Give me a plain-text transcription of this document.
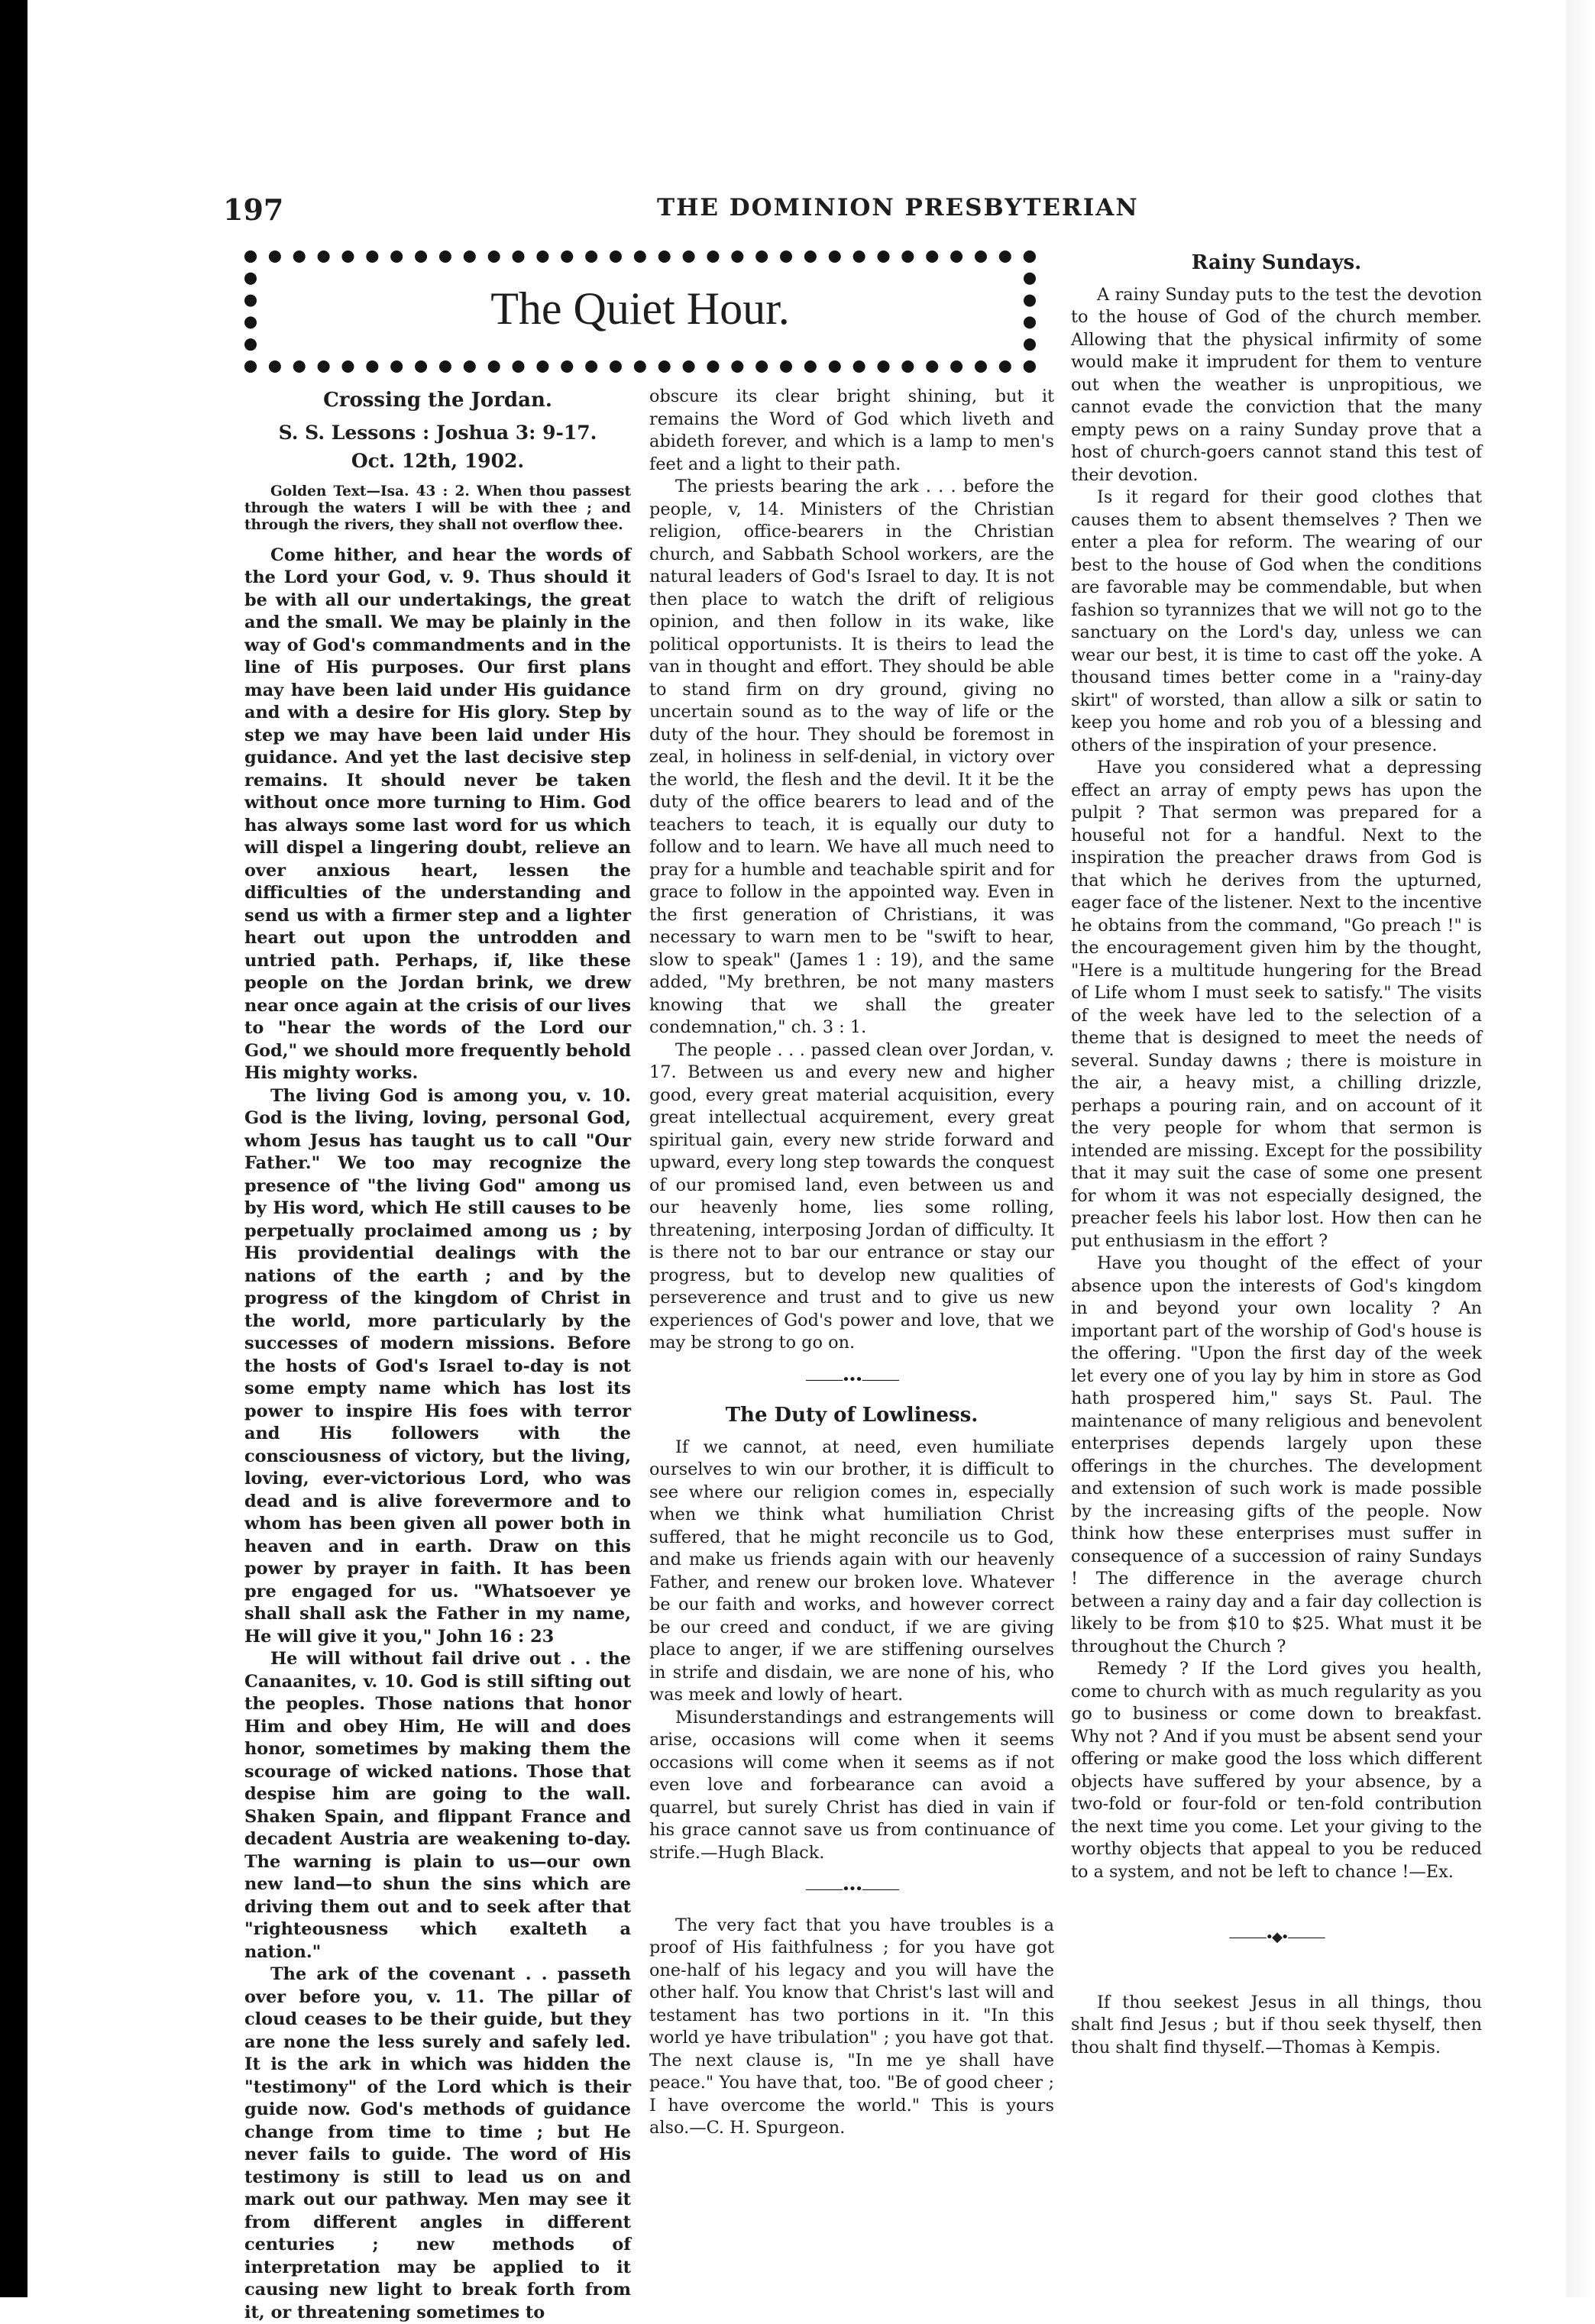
197	THE DOMINION PRESBYTERIAN
The Quiet Hour.
Crossing the Jordan.
S. S. Lessons : Joshua 3: 9-17.
Oct. 12th, 1902.

Golden Text—Isa. 43 : 2. When thou passest through the waters I will be with thee ; and through the rivers, they shall not overflow thee.

Come hither, and hear the words of the Lord your God, v. 9. Thus should it be with all our undertakings, the great and the small. We may be plainly in the way of God's commandments and in the line of His purposes. Our first plans may have been laid under His guidance and with a desire for His glory. Step by step we may have been laid under His guidance. And yet the last decisive step remains. It should never be taken without once more turning to Him. God has always some last word for us which will dispel a lingering doubt, relieve an over anxious heart, lessen the difficulties of the understanding and send us with a firmer step and a lighter heart out upon the untrodden and untried path. Perhaps, if, like these people on the Jordan brink, we drew near once again at the crisis of our lives to "hear the words of the Lord our God," we should more frequently behold His mighty works.

The living God is among you, v. 10. God is the living, loving, personal God, whom Jesus has taught us to call "Our Father." We too may recognize the presence of "the living God" among us by His word, which He still causes to be perpetually proclaimed among us ; by His providential dealings with the nations of the earth ; and by the progress of the kingdom of Christ in the world, more particularly by the successes of modern missions. Before the hosts of God's Israel to-day is not some empty name which has lost its power to inspire His foes with terror and His followers with the consciousness of victory, but the living, loving, ever-victorious Lord, who was dead and is alive forevermore and to whom has been given all power both in heaven and in earth. Draw on this power by prayer in faith. It has been pre engaged for us. "Whatsoever ye shall shall ask the Father in my name, He will give it you," John 16 : 23

He will without fail drive out . . the Canaanites, v. 10. God is still sifting out the peoples. Those nations that honor Him and obey Him, He will and does honor, sometimes by making them the scourage of wicked nations. Those that despise him are going to the wall. Shaken Spain, and flippant France and decadent Austria are weakening to-day. The warning is plain to us—our own new land—to shun the sins which are driving them out and to seek after that "righteousness which exalteth a nation."

The ark of the covenant . . passeth over before you, v. 11. The pillar of cloud ceases to be their guide, but they are none the less surely and safely led. It is the ark in which was hidden the "testimony" of the Lord which is their guide now. God's methods of guidance change from time to time ; but He never fails to guide. The word of His testimony is still to lead us on and mark out our pathway. Men may see it from different angles in different centuries ; new methods of interpretation may be applied to it causing new light to break forth from it, or threatening sometimes to

obscure its clear bright shining, but it remains the Word of God which liveth and abideth forever, and which is a lamp to men's feet and a light to their path.

The priests bearing the ark . . . before the people, v, 14. Ministers of the Christian religion, office-bearers in the Christian church, and Sabbath School workers, are the natural leaders of God's Israel to day. It is not then place to watch the drift of religious opinion, and then follow in its wake, like political opportunists. It is theirs to lead the van in thought and effort. They should be able to stand firm on dry ground, giving no uncertain sound as to the way of life or the duty of the hour. They should be foremost in zeal, in holiness in self-denial, in victory over the world, the flesh and the devil. It it be the duty of the office bearers to lead and of the teachers to teach, it is equally our duty to follow and to learn. We have all much need to pray for a humble and teachable spirit and for grace to follow in the appointed way. Even in the first generation of Christians, it was necessary to warn men to be "swift to hear, slow to speak" (James 1 : 19), and the same added, "My brethren, be not many masters knowing that we shall the greater condemnation," ch. 3 : 1.

The people . . . passed clean over Jordan, v. 17. Between us and every new and higher good, every great material acquisition, every great intellectual acquirement, every great spiritual gain, every new stride forward and upward, every long step towards the conquest of our promised land, even between us and our heavenly home, lies some rolling, threatening, interposing Jordan of difficulty. It is there not to bar our entrance or stay our progress, but to develop new qualities of perseverence and trust and to give us new experiences of God's power and love, that we may be strong to go on.

———•••———
The Duty of Lowliness.

If we cannot, at need, even humiliate ourselves to win our brother, it is difficult to see where our religion comes in, especially when we think what humiliation Christ suffered, that he might reconcile us to God, and make us friends again with our heavenly Father, and renew our broken love. Whatever be our faith and works, and however correct be our creed and conduct, if we are giving place to anger, if we are stiffening ourselves in strife and disdain, we are none of his, who was meek and lowly of heart.

Misunderstandings and estrangements will arise, occasions will come when it seems occasions will come when it seems as if not even love and forbearance can avoid a quarrel, but surely Christ has died in vain if his grace cannot save us from continuance of strife.—Hugh Black.

———•••———

The very fact that you have troubles is a proof of His faithfulness ; for you have got one-half of his legacy and you will have the other half. You know that Christ's last will and testament has two portions in it. "In this world ye have tribulation" ; you have got that. The next clause is, "In me ye shall have peace." You have that, too. "Be of good cheer ; I have overcome the world." This is yours also.—C. H. Spurgeon.

Rainy Sundays.

A rainy Sunday puts to the test the devotion to the house of God of the church member. Allowing that the physical infirmity of some would make it imprudent for them to venture out when the weather is unpropitious, we cannot evade the conviction that the many empty pews on a rainy Sunday prove that a host of church-goers cannot stand this test of their devotion.

Is it regard for their good clothes that causes them to absent themselves ? Then we enter a plea for reform. The wearing of our best to the house of God when the conditions are favorable may be commendable, but when fashion so tyrannizes that we will not go to the sanctuary on the Lord's day, unless we can wear our best, it is time to cast off the yoke. A thousand times better come in a "rainy-day skirt" of worsted, than allow a silk or satin to keep you home and rob you of a blessing and others of the inspiration of your presence.

Have you considered what a depressing effect an array of empty pews has upon the pulpit ? That sermon was prepared for a houseful not for a handful. Next to the inspiration the preacher draws from God is that which he derives from the upturned, eager face of the listener. Next to the incentive he obtains from the command, "Go preach !" is the encouragement given him by the thought, "Here is a multitude hungering for the Bread of Life whom I must seek to satisfy." The visits of the week have led to the selection of a theme that is designed to meet the needs of several. Sunday dawns ; there is moisture in the air, a heavy mist, a chilling drizzle, perhaps a pouring rain, and on account of it the very people for whom that sermon is intended are missing. Except for the possibility that it may suit the case of some one present for whom it was not especially designed, the preacher feels his labor lost. How then can he put enthusiasm in the effort ?

Have you thought of the effect of your absence upon the interests of God's kingdom in and beyond your own locality ? An important part of the worship of God's house is the offering. "Upon the first day of the week let every one of you lay by him in store as God hath prospered him," says St. Paul. The maintenance of many religious and benevolent enterprises depends largely upon these offerings in the churches. The development and extension of such work is made possible by the increasing gifts of the people. Now think how these enterprises must suffer in consequence of a succession of rainy Sundays ! The difference in the average church between a rainy day and a fair day collection is likely to be from $10 to $25. What must it be throughout the Church ?

Remedy ? If the Lord gives you health, come to church with as much regularity as you go to business or come down to breakfast. Why not ? And if you must be absent send your offering or make good the loss which different objects have suffered by your absence, by a two-fold or four-fold or ten-fold contribution the next time you come. Let your giving to the worthy objects that appeal to you be reduced to a system, and not be left to chance !—Ex.

———•◆•———

If thou seekest Jesus in all things, thou shalt find Jesus ; but if thou seek thyself, then thou shalt find thyself.—Thomas à Kempis.
